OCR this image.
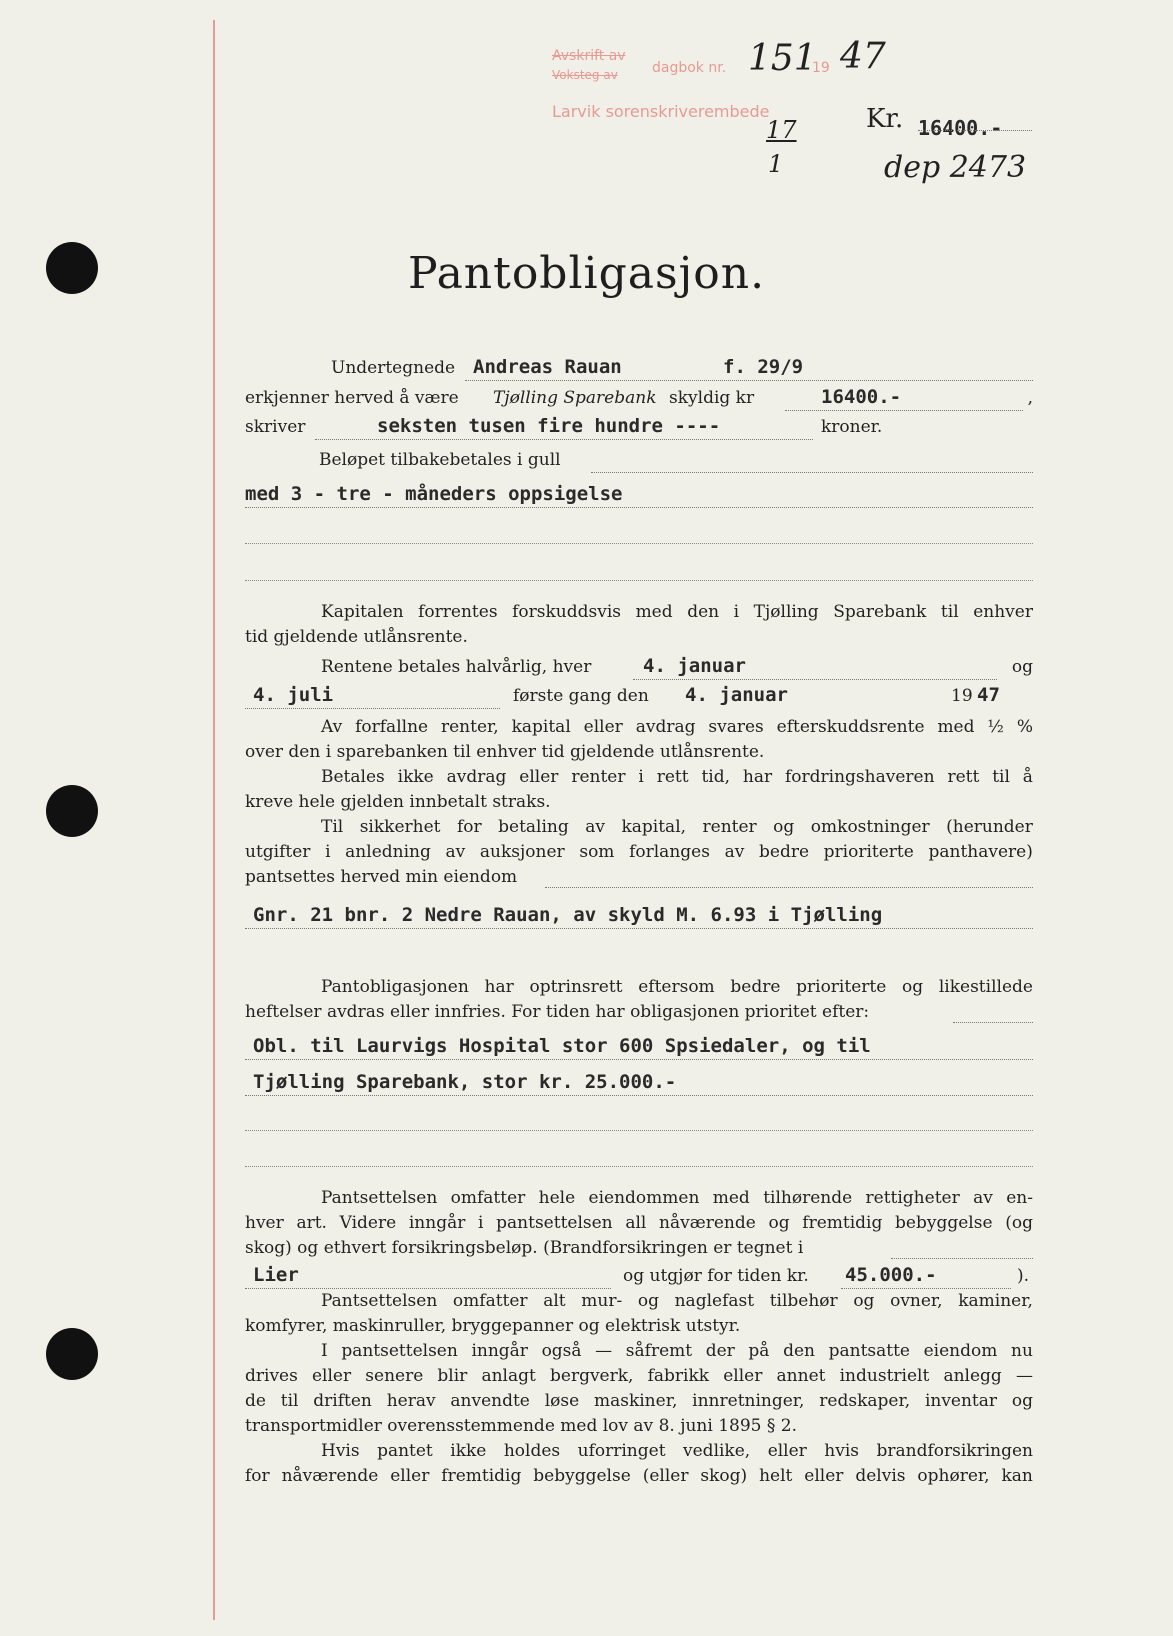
Avskrift av
Voksteg av dagbok nr. 151
19 47
Larvik sorenskriverembede
17
1
Kr. 16400.-
dep 2473
Pantobligasjon.
Undertegnede Andreas Rauan	f. 29/9
erkjenner herved å være Tjølling Sparebank skyldig kr	16400.-	,
skriver	seksten tusen fire hundre ----	kroner.
Beløpet tilbakebetales i gull
med 3 - tre - måneders oppsigelse
Kapitalen forrentes forskuddsvis med den i Tjølling Sparebank til enhver
tid gjeldende utlånsrente.
Rentene betales halvårlig, hver	4. januar	og
4. juli	første gang den 4. januar	19 47
Av forfallne renter, kapital eller avdrag svares efterskuddsrente med ½ %
over den i sparebanken til enhver tid gjeldende utlånsrente.
Betales ikke avdrag eller renter i rett tid, har fordringshaveren rett til å
kreve hele gjelden innbetalt straks.
Til sikkerhet for betaling av kapital, renter og omkostninger (herunder
utgifter i anledning av auksjoner som forlanges av bedre prioriterte panthavere)
pantsettes herved min eiendom
Gnr. 21 bnr. 2 Nedre Rauan, av skyld M. 6.93 i Tjølling
Pantobligasjonen har optrinsrett eftersom bedre prioriterte og likestillede
heftelser avdras eller innfries. For tiden har obligasjonen prioritet efter:
Obl. til Laurvigs Hospital stor 600 Spsiedaler, og til
Tjølling Sparebank, stor kr. 25.000.-
Pantsettelsen omfatter hele eiendommen med tilhørende rettigheter av en-
hver art. Videre inngår i pantsettelsen all nåværende og fremtidig bebyggelse (og
skog) og ethvert forsikringsbeløp. (Brandforsikringen er tegnet i
Lier	og utgjør for tiden kr. 45.000.-	).
Pantsettelsen omfatter alt mur- og naglefast tilbehør og ovner, kaminer,
komfyrer, maskinruller, bryggepanner og elektrisk utstyr.
I pantsettelsen inngår også — såfremt der på den pantsatte eiendom nu
drives eller senere blir anlagt bergverk, fabrikk eller annet industrielt anlegg —
de til driften herav anvendte løse maskiner, innretninger, redskaper, inventar og
transportmidler overensstemmende med lov av 8. juni 1895 § 2.
Hvis pantet ikke holdes uforringet vedlike, eller hvis brandforsikringen
for nåværende eller fremtidig bebyggelse (eller skog) helt eller delvis ophører, kan
